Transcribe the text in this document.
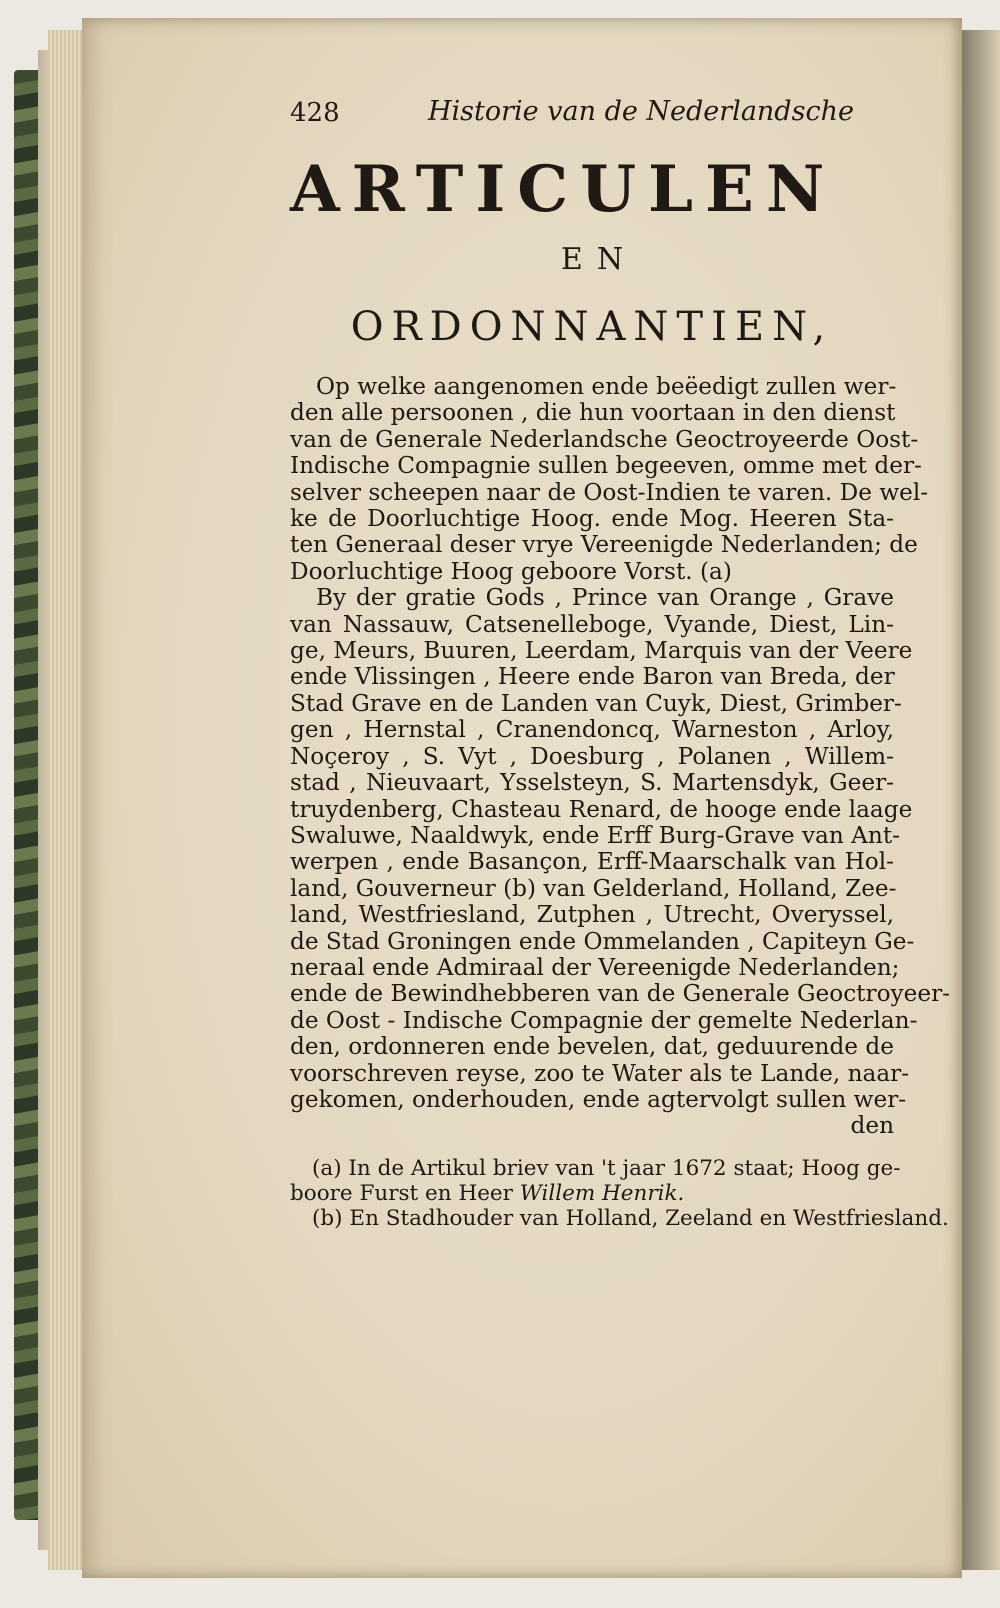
428	Historie van de Nederlandsche
ARTICULEN
EN
ORDONNANTIEN,
Op welke aangenomen ende beëedigt zullen wer-
den alle persoonen , die hun voortaan in den dienst
van de Generale Nederlandsche Geoctroyeerde Oost-
Indische Compagnie sullen begeeven, omme met der-
selver scheepen naar de Oost-Indien te varen. De wel-
ke de Doorluchtige Hoog. ende Mog. Heeren Sta-
ten Generaal deser vrye Vereenigde Nederlanden; de
Doorluchtige Hoog geboore Vorst. (a)
By der gratie Gods , Prince van Orange , Grave
van Nassauw, Catsenelleboge, Vyande, Diest, Lin-
ge, Meurs, Buuren, Leerdam, Marquis van der Veere
ende Vlissingen , Heere ende Baron van Breda, der
Stad Grave en de Landen van Cuyk, Diest, Grimber-
gen , Hernstal , Cranendoncq, Warneston , Arloy,
Noçeroy , S. Vyt , Doesburg , Polanen , Willem-
stad , Nieuvaart, Ysselsteyn, S. Martensdyk, Geer-
truydenberg, Chasteau Renard, de hooge ende laage
Swaluwe, Naaldwyk, ende Erff Burg-Grave van Ant-
werpen , ende Basançon, Erff-Maarschalk van Hol-
land, Gouverneur (b) van Gelderland, Holland, Zee-
land, Westfriesland, Zutphen , Utrecht, Overyssel,
de Stad Groningen ende Ommelanden , Capiteyn Ge-
neraal ende Admiraal der Vereenigde Nederlanden;
ende de Bewindhebberen van de Generale Geoctroyeer-
de Oost - Indische Compagnie der gemelte Nederlan-
den, ordonneren ende bevelen, dat, geduurende de
voorschreven reyse, zoo te Water als te Lande, naar-
gekomen, onderhouden, ende agtervolgt sullen wer-
den
(a) In de Artikul briev van 't jaar 1672 staat; Hoog ge-
boore Furst en Heer Willem Henrik.
(b) En Stadhouder van Holland, Zeeland en Westfriesland.
